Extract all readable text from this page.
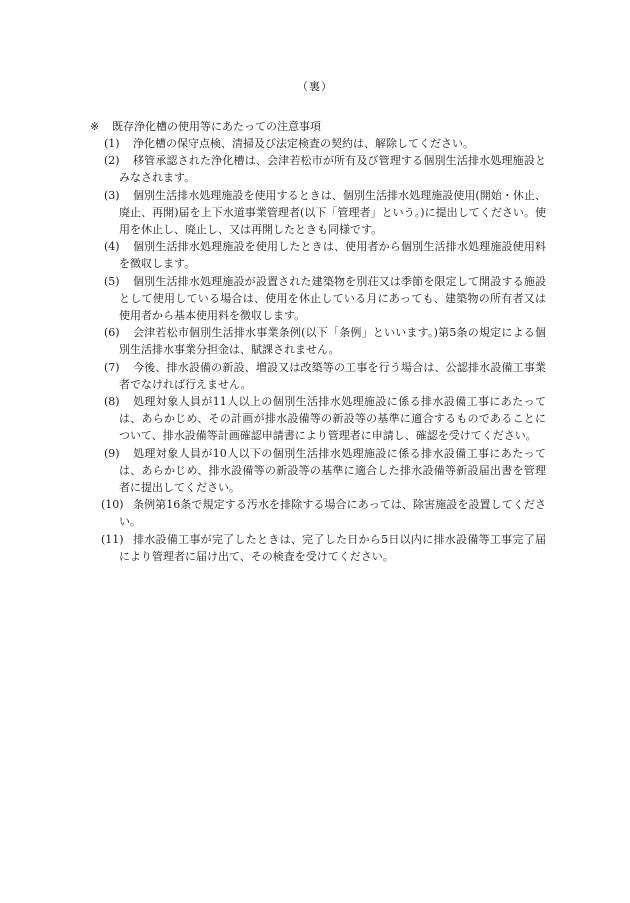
（裏）
※ 既存浄化槽の使用等にあたっての注意事項
(1)	浄化槽の保守点検、清掃及び法定検査の契約は、解除してください。
(2)	移管承認された浄化槽は、会津若松市が所有及び管理する個別生活排水処理施設とみなされます。
(3)	個別生活排水処理施設を使用するときは、個別生活排水処理施設使用(開始・休止、廃止、再開)届を上下水道事業管理者(以下「管理者」という。)に提出してください。使用を休止し、廃止し、又は再開したときも同様です。
(4)	個別生活排水処理施設を使用したときは、使用者から個別生活排水処理施設使用料を徴収します。
(5)	個別生活排水処理施設が設置された建築物を別荘又は季節を限定して開設する施設として使用している場合は、使用を休止している月にあっても、建築物の所有者又は使用者から基本使用料を徴収します。
(6)	会津若松市個別生活排水事業条例(以下「条例」といいます。)第5条の規定による個別生活排水事業分担金は、賦課されません。
(7)	今後、排水設備の新設、増設又は改築等の工事を行う場合は、公認排水設備工事業者でなければ行えません。
(8)	処理対象人員が11人以上の個別生活排水処理施設に係る排水設備工事にあたっては、あらかじめ、その計画が排水設備等の新設等の基準に適合するものであることについて、排水設備等計画確認申請書により管理者に申請し、確認を受けてください。
(9)	処理対象人員が10人以下の個別生活排水処理施設に係る排水設備工事にあたっては、あらかじめ、排水設備等の新設等の基準に適合した排水設備等新設届出書を管理者に提出してください。
(10) 条例第16条で規定する汚水を排除する場合にあっては、除害施設を設置してください。
(11) 排水設備工事が完了したときは、完了した日から5日以内に排水設備等工事完了届により管理者に届け出て、その検査を受けてください。
